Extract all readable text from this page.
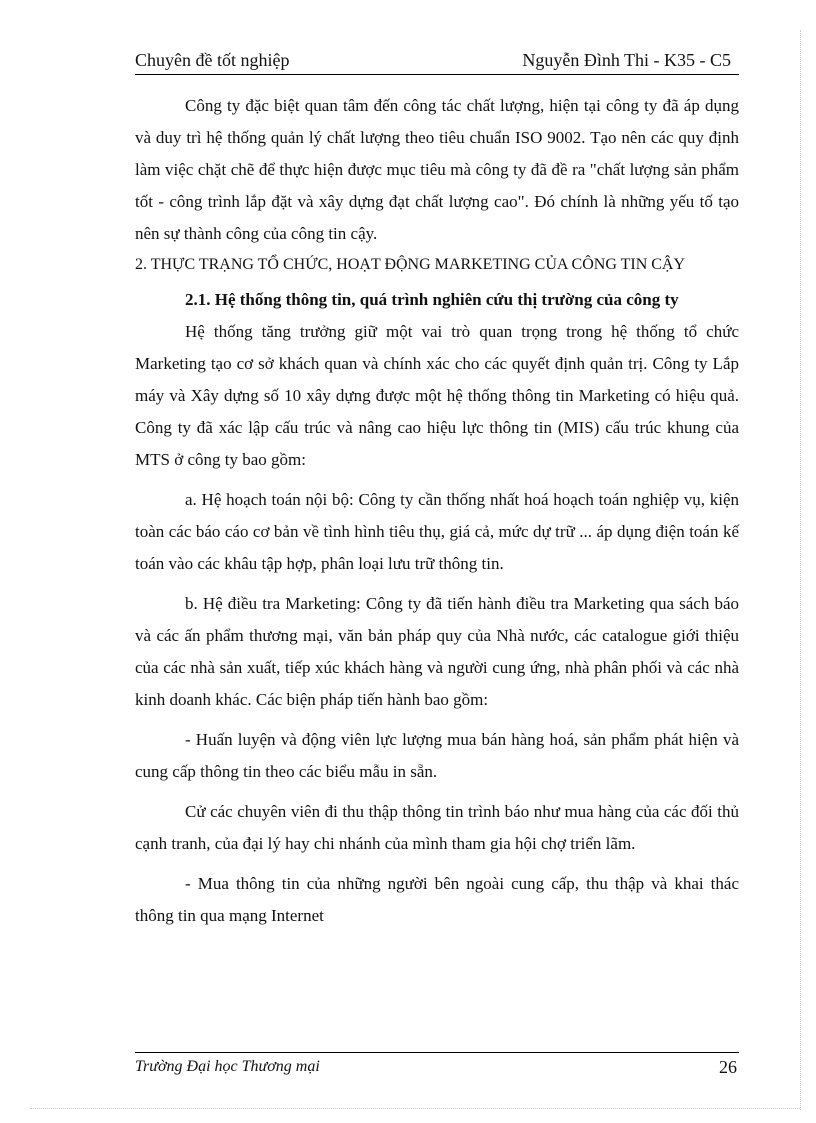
Chuyên đề tốt nghiệp	Nguyễn Đình Thi - K35 - C5

Công ty đặc biệt quan tâm đến công tác chất lượng, hiện tại công ty đã áp dụng và duy trì hệ thống quản lý chất lượng theo tiêu chuẩn ISO 9002. Tạo nên các quy định làm việc chặt chẽ để thực hiện được mục tiêu mà công ty đã đề ra "chất lượng sản phẩm tốt - công trình lắp đặt và xây dựng đạt chất lượng cao". Đó chính là những yếu tố tạo nên sự thành công của công tin cậy.

2. THỰC TRẠNG TỔ CHỨC, HOẠT ĐỘNG MARKETING CỦA CÔNG TIN CẬY

2.1. Hệ thống thông tin, quá trình nghiên cứu thị trường của công ty

Hệ thống tăng trưởng giữ một vai trò quan trọng trong hệ thống tổ chức Marketing tạo cơ sở khách quan và chính xác cho các quyết định quản trị. Công ty Lắp máy và Xây dựng số 10 xây dựng được một hệ thống thông tin Marketing có hiệu quả. Công ty đã xác lập cấu trúc và nâng cao hiệu lực thông tin (MIS) cấu trúc khung của MTS ở công ty bao gồm:

a. Hệ hoạch toán nội bộ: Công ty cần thống nhất hoá hoạch toán nghiệp vụ, kiện toàn các báo cáo cơ bản về tình hình tiêu thụ, giá cả, mức dự trữ ... áp dụng điện toán kế toán vào các khâu tập hợp, phân loại lưu trữ thông tin.

b. Hệ điều tra Marketing: Công ty đã tiến hành điều tra Marketing qua sách báo và các ấn phẩm thương mại, văn bản pháp quy của Nhà nước, các catalogue giới thiệu của các nhà sản xuất, tiếp xúc khách hàng và người cung ứng, nhà phân phối và các nhà kinh doanh khác. Các biện pháp tiến hành bao gồm:

- Huấn luyện và động viên lực lượng mua bán hàng hoá, sản phẩm phát hiện và cung cấp thông tin theo các biểu mẫu in sẵn.

Cử các chuyên viên đi thu thập thông tin trình báo như mua hàng của các đối thủ cạnh tranh, của đại lý hay chi nhánh của mình tham gia hội chợ triển lãm.

- Mua thông tin của những người bên ngoài cung cấp, thu thập và khai thác thông tin qua mạng Internet

Trường Đại học Thương mại	26
